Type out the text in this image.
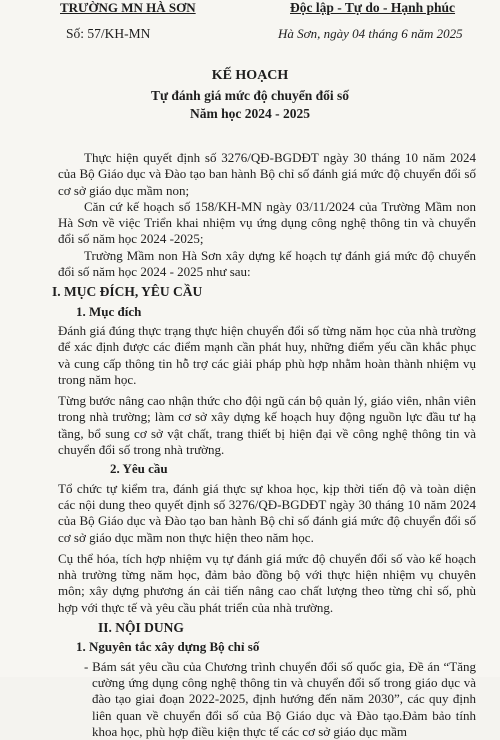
TRƯỜNG MN HÀ SƠN	Độc lập - Tự do - Hạnh phúc
Số: 57/KH-MN	Hà Sơn, ngày 04 tháng 6 năm 2025
KẾ HOẠCH
Tự đánh giá mức độ chuyển đổi số
Năm học 2024 - 2025

Thực hiện quyết định số 3276/QĐ-BGDĐT ngày 30 tháng 10 năm 2024 của Bộ Giáo dục và Đào tạo ban hành Bộ chỉ số đánh giá mức độ chuyển đổi số cơ sở giáo dục mầm non;

Căn cứ kế hoạch số 158/KH-MN ngày 03/11/2024 của Trường Mầm non Hà Sơn về việc Triển khai nhiệm vụ ứng dụng công nghệ thông tin và chuyển đổi số năm học 2024 -2025;

Trường Mầm non Hà Sơn xây dựng kế hoạch tự đánh giá mức độ chuyển đổi số năm học 2024 - 2025 như sau:

I. MỤC ĐÍCH, YÊU CẦU

1. Mục đích

Đánh giá đúng thực trạng thực hiện chuyển đổi số từng năm học của nhà trường để xác định được các điểm mạnh cần phát huy, những điểm yếu cần khắc phục và cung cấp thông tin hỗ trợ các giải pháp phù hợp nhằm hoàn thành nhiệm vụ trong năm học.

Từng bước nâng cao nhận thức cho đội ngũ cán bộ quản lý, giáo viên, nhân viên trong nhà trường; làm cơ sở xây dựng kế hoạch huy động nguồn lực đầu tư hạ tầng, bổ sung cơ sở vật chất, trang thiết bị hiện đại về công nghệ thông tin và chuyển đổi số trong nhà trường.

2. Yêu cầu

Tổ chức tự kiểm tra, đánh giá thực sự khoa học, kịp thời tiến độ và toàn diện các nội dung theo quyết định số 3276/QĐ-BGDĐT ngày 30 tháng 10 năm 2024 của Bộ Giáo dục và Đào tạo ban hành Bộ chỉ số đánh giá mức độ chuyển đổi số cơ sở giáo dục mầm non thực hiện theo năm học.

Cụ thể hóa, tích hợp nhiệm vụ tự đánh giá mức độ chuyển đổi số vào kế hoạch nhà trường từng năm học, đảm bảo đồng bộ với thực hiện nhiệm vụ chuyên môn; xây dựng phương án cải tiến nâng cao chất lượng theo từng chỉ số, phù hợp với thực tế và yêu cầu phát triển của nhà trường.

II. NỘI DUNG

1. Nguyên tắc xây dựng Bộ chỉ số

- Bám sát yêu cầu của Chương trình chuyển đổi số quốc gia, Đề án “Tăng cường ứng dụng công nghệ thông tin và chuyển đổi số trong giáo dục và đào tạo giai đoạn 2022-2025, định hướng đến năm 2030”, các quy định liên quan về chuyển đổi số của Bộ Giáo dục và Đào tạo.Đảm bảo tính khoa học, phù hợp điều kiện thực tế các cơ sở giáo dục mầm
